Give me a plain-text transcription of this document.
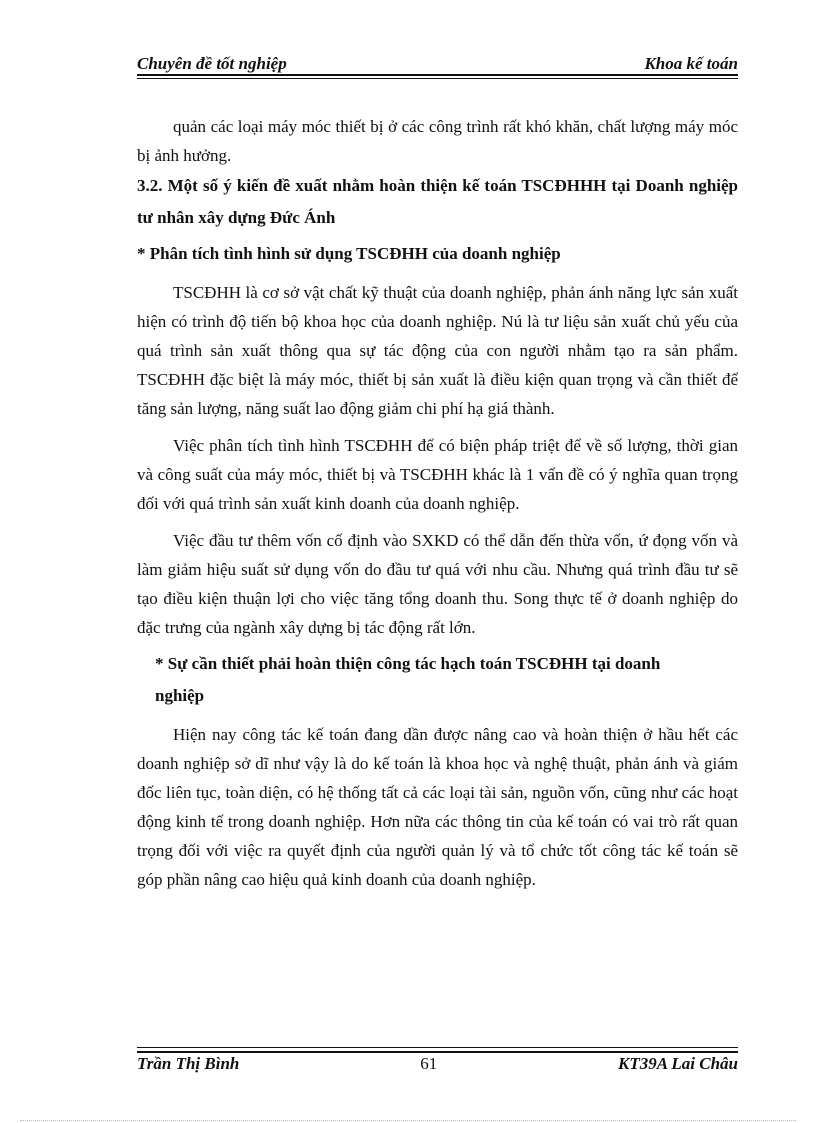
Chuyên đề tốt nghiệp	Khoa kế toán

quản các loại máy móc thiết bị ở các công trình rất khó khăn, chất lượng máy móc bị ảnh hưởng.

3.2. Một số ý kiến đề xuất nhằm hoàn thiện kế toán TSCĐHHH tại Doanh nghiệp tư nhân xây dựng Đức Ánh
* Phân tích tình hình sử dụng TSCĐHH của doanh nghiệp

TSCĐHH là cơ sở vật chất kỹ thuật của doanh nghiệp, phản ánh năng lực sản xuất hiện có trình độ tiến bộ khoa học của doanh nghiệp. Nú là tư liệu sản xuất chủ yếu của quá trình sản xuất thông qua sự tác động của con người nhằm tạo ra sản phẩm. TSCĐHH đặc biệt là máy móc, thiết bị sản xuất là điều kiện quan trọng và cần thiết để tăng sản lượng, năng suất lao động giảm chi phí hạ giá thành.

Việc phân tích tình hình TSCĐHH để có biện pháp triệt để về số lượng, thời gian và công suất của máy móc, thiết bị và TSCĐHH khác là 1 vấn đề có ý nghĩa quan trọng đối với quá trình sản xuất kinh doanh của doanh nghiệp.

Việc đầu tư thêm vốn cố định vào SXKD có thể dẫn đến thừa vốn, ứ đọng vốn và làm giảm hiệu suất sử dụng vốn do đầu tư quá với nhu cầu. Nhưng quá trình đầu tư sẽ tạo điều kiện thuận lợi cho việc tăng tổng doanh thu. Song thực tế ở doanh nghiệp do đặc trưng của ngành xây dựng bị tác động rất lớn.

* Sự cần thiết phải hoàn thiện công tác hạch toán TSCĐHH tại doanh
nghiệp

Hiện nay công tác kế toán đang dần được nâng cao và hoàn thiện ở hầu hết các doanh nghiệp sở dĩ như vậy là do kế toán là khoa học và nghệ thuật, phản ánh và giám đốc liên tục, toàn diện, có hệ thống tất cả các loại tài sản, nguồn vốn, cũng như các hoạt động kinh tế trong doanh nghiệp. Hơn nữa các thông tin của kế toán có vai trò rất quan trọng đối với việc ra quyết định của người quản lý và tổ chức tốt công tác kế toán sẽ góp phần nâng cao hiệu quả kinh doanh của doanh nghiệp.

Trần Thị Bình	61	KT39A Lai Châu
